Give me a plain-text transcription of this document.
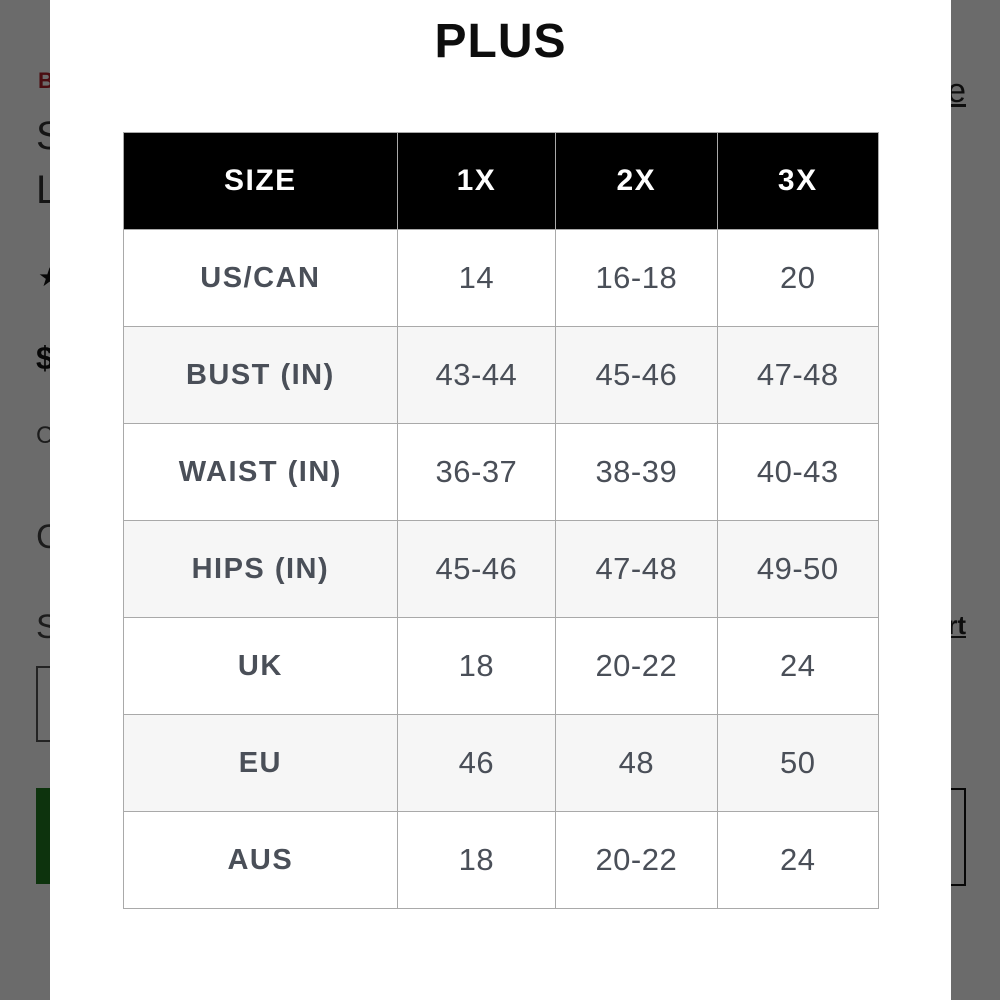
PLUS
SIZE	1X	2X	3X
US/CAN	14	16-18	20
BUST (IN)	43-44	45-46	47-48
WAIST (IN)	36-37	38-39	40-43
HIPS (IN)	45-46	47-48	49-50
UK	18	20-22	24
EU	46	48	50
AUS	18	20-22	24
